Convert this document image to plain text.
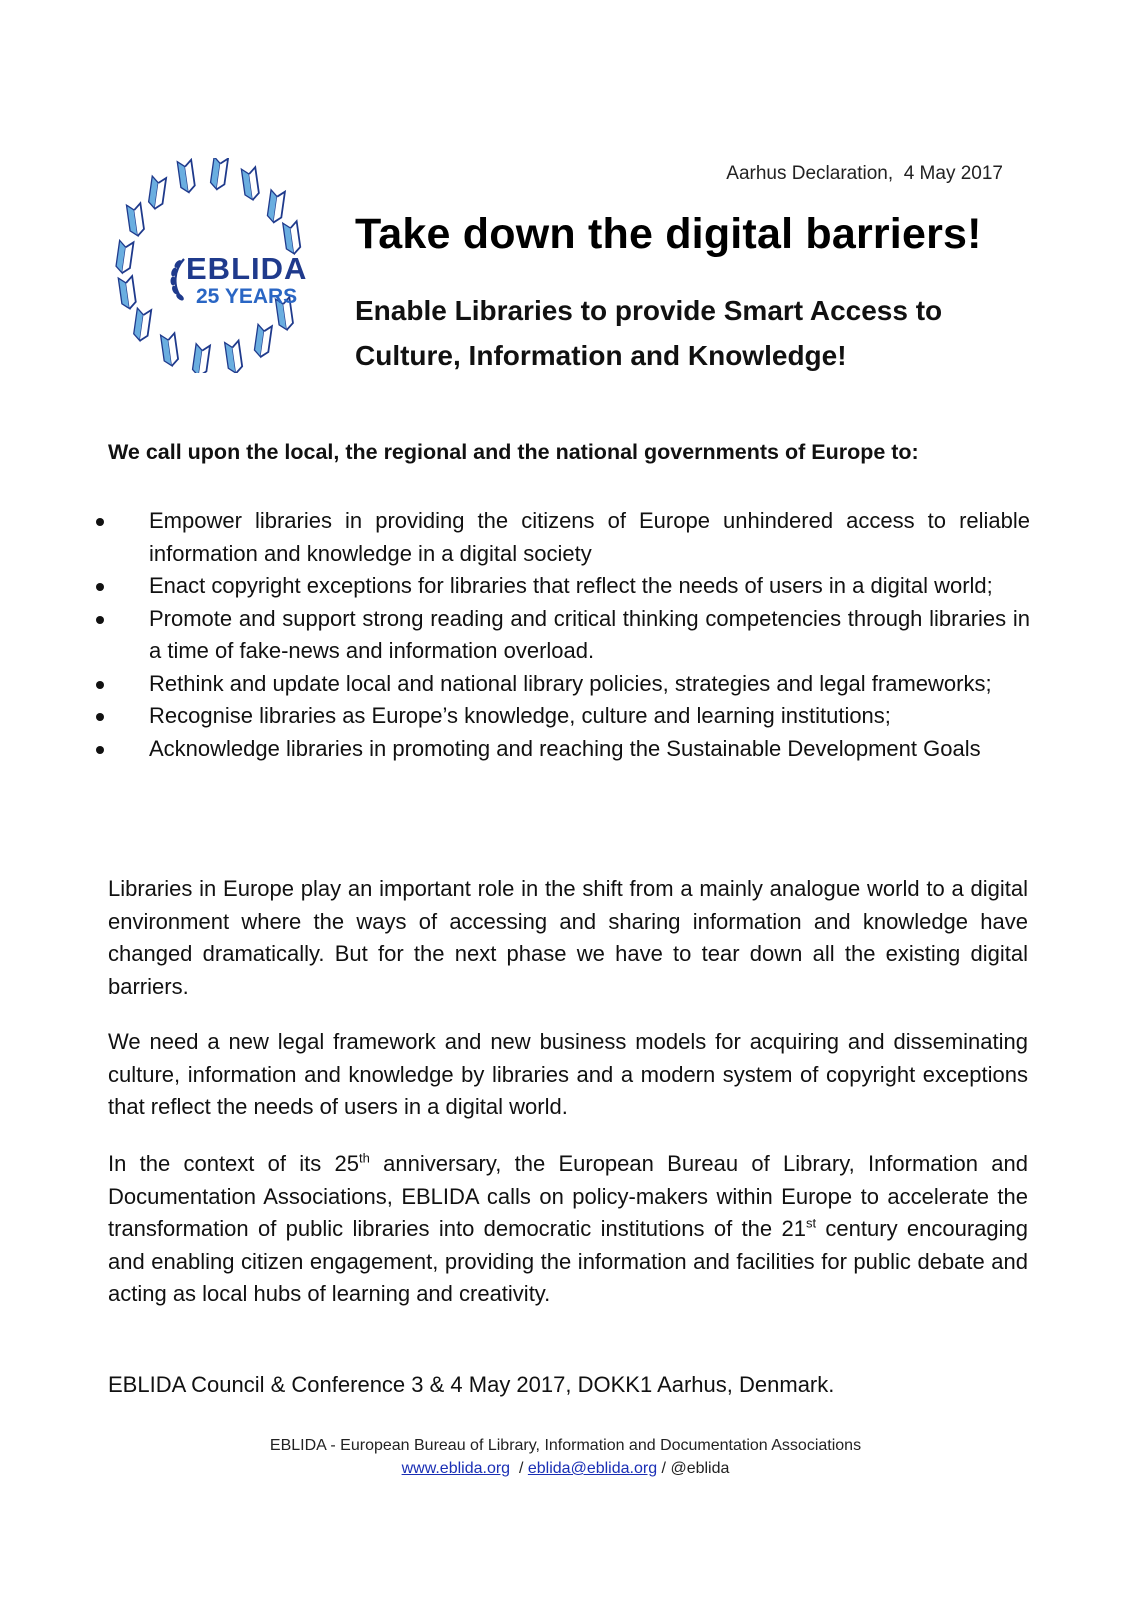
EBLIDA
25 YEARS
Aarhus Declaration, 4 May 2017
Take down the digital barriers!

Enable Libraries to provide Smart Access to Culture, Information and Knowledge!

We call upon the local, the regional and the national governments of Europe to:

Empower libraries in providing the citizens of Europe unhindered access to reliable information and knowledge in a digital society
Enact copyright exceptions for libraries that reflect the needs of users in a digital world;
Promote and support strong reading and critical thinking competencies through libraries in a time of fake-news and information overload.
Rethink and update local and national library policies, strategies and legal frameworks;
Recognise libraries as Europe’s knowledge, culture and learning institutions;
Acknowledge libraries in promoting and reaching the Sustainable Development Goals

Libraries in Europe play an important role in the shift from a mainly analogue world to a digital environment where the ways of accessing and sharing information and knowledge have changed dramatically. But for the next phase we have to tear down all the existing digital barriers.

We need a new legal framework and new business models for acquiring and disseminating culture, information and knowledge by libraries and a modern system of copyright exceptions that reflect the needs of users in a digital world.

In the context of its 25th anniversary, the European Bureau of Library, Information and Documentation Associations, EBLIDA calls on policy-makers within Europe to accelerate the transformation of public libraries into democratic institutions of the 21st century encouraging and enabling citizen engagement, providing the information and facilities for public debate and acting as local hubs of learning and creativity.

EBLIDA Council & Conference 3 & 4 May 2017, DOKK1 Aarhus, Denmark.

EBLIDA - European Bureau of Library, Information and Documentation Associations

www.eblida.org / eblida@eblida.org / @eblida
